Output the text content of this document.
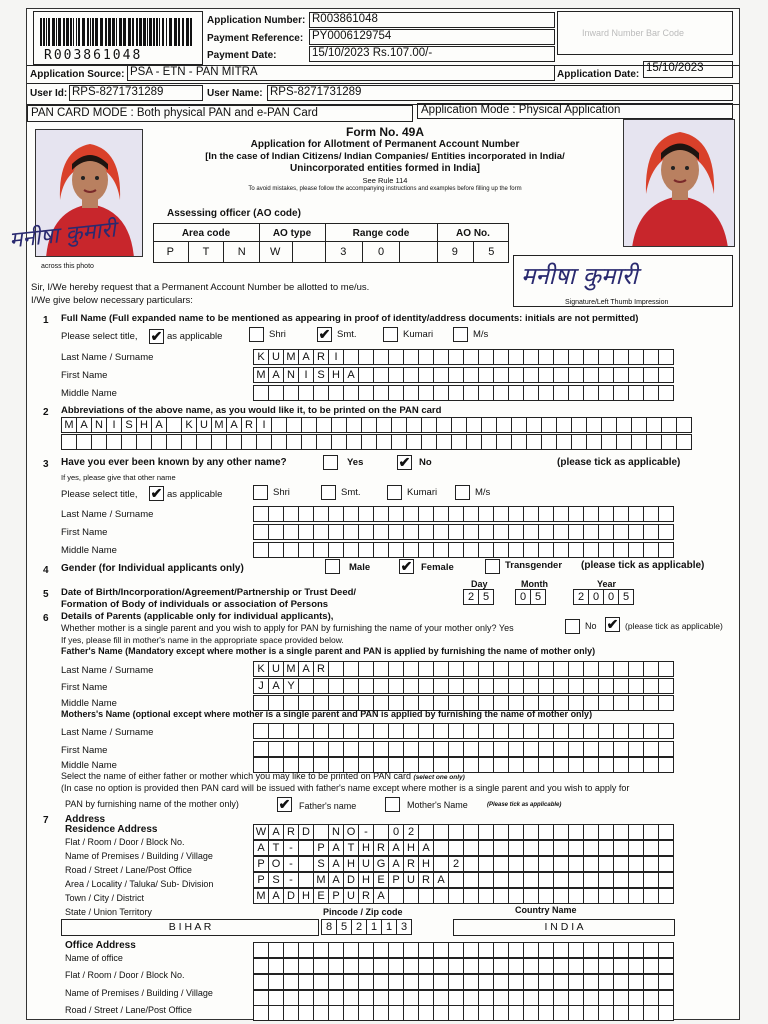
R003861048
Application Number: R003861048
Payment Reference: PY0006129754
Payment Date:	15/10/2023 Rs.107.00/-
Inward Number Bar Code
Application Source: PSA - ETN - PAN MITRA	Application Date:
15/10/2023
User Id: RPS-8271731289	User Name: RPS-8271731289
PAN CARD MODE : Both physical PAN and e-PAN Card	Application Mode : Physical Application
मनीषा कुमारी
across this photo	मनीषा कुमारी
Signature/Left Thumb Impression
Form No. 49A
Application for Allotment of Permanent Account Number
[In the case of Indian Citizens/ Indian Companies/ Entities incorporated in India/
Unincorporated entities formed in India]
See Rule 114
To avoid mistakes, please follow the accompanying instructions and examples before filling up the form
Assessing officer (AO code)
Area code	AO type	Range code	AO No.
P	T	N	W	3	0	9	5
Sir, I/We hereby request that a Permanent Account Number be allotted to me/us.
I/We give below necessary particulars:
1 Full Name (Full expanded name to be mentioned as appearing in proof of identity/address documents: initials are not permitted)
Please select title, ✔ as applicable	Shri ✔ Smt.	Kumari	M/s
Last Name / Surname	K U M A R I
First Name	M A N I S H A
Middle Name
2 Abbreviations of the above name, as you would like it, to be printed on the PAN card
M A N I S H A	K U M A R I
3 Have you ever been known by any other name?	Yes	✔ No	(please tick as applicable)
If yes, please give that other name
Please select title, ✔ as applicable	Shri	Smt.	Kumari	M/s
Last Name / Surname
First Name
Middle Name
4 Gender (for Individual applicants only)	Male ✔ Female	Transgender (please tick as applicable)
5 Date of Birth/Incorporation/Agreement/Partnership or Trust Deed/
Formation of Body of individuals or association of Persons
Day	Month	Year
2 5	0 5	2 0 0 5
6 Details of Parents (applicable only for individual applicants),
Whether mother is a single parent and you wish to apply for PAN by furnishing the name of your mother only? Yes	No ✔ (please tick as applicable)
If yes, please fill in mother's name in the appropriate space provided below.
Father's Name (Mandatory except where mother is a single parent and PAN is applied by furnishing the name of mother only)
Last Name / Surname	K U M A R
First Name	J A Y
Middle Name
Mothers's Name (optional except where mother is a single parent and PAN is applied by furnishing the name of mother only)
Last Name / Surname
First Name
Middle Name
Select the name of either father or mother which you may like to be printed on PAN card (select one only)
(In case no option is provided then PAN card will be issued with father's name except where mother is a single parent and you wish to apply for
PAN by furnishing name of the mother only)	✔ Father's name	Mother's Name	(Please tick as applicable)
7 Address
Residence Address
Flat / Room / Door / Block No.
W A R D	N O -	0 2
Name of Premises / Building / Village
A T -	P A T H R A H A
Road / Street / Lane/Post Office	P O -	S A H U G A R H	2
Area / Locality / Taluka/ Sub- Division	P S -	M A D H E P U R A
Town / City / District	M A D H E P U R A
State / Union Territory	Pincode / Zip code	Country Name
B I H A R	8 5 2 1 1 3	I N D I A
Office Address
Name of office
Flat / Room / Door / Block No.
Name of Premises / Building / Village
Road / Street / Lane/Post Office
